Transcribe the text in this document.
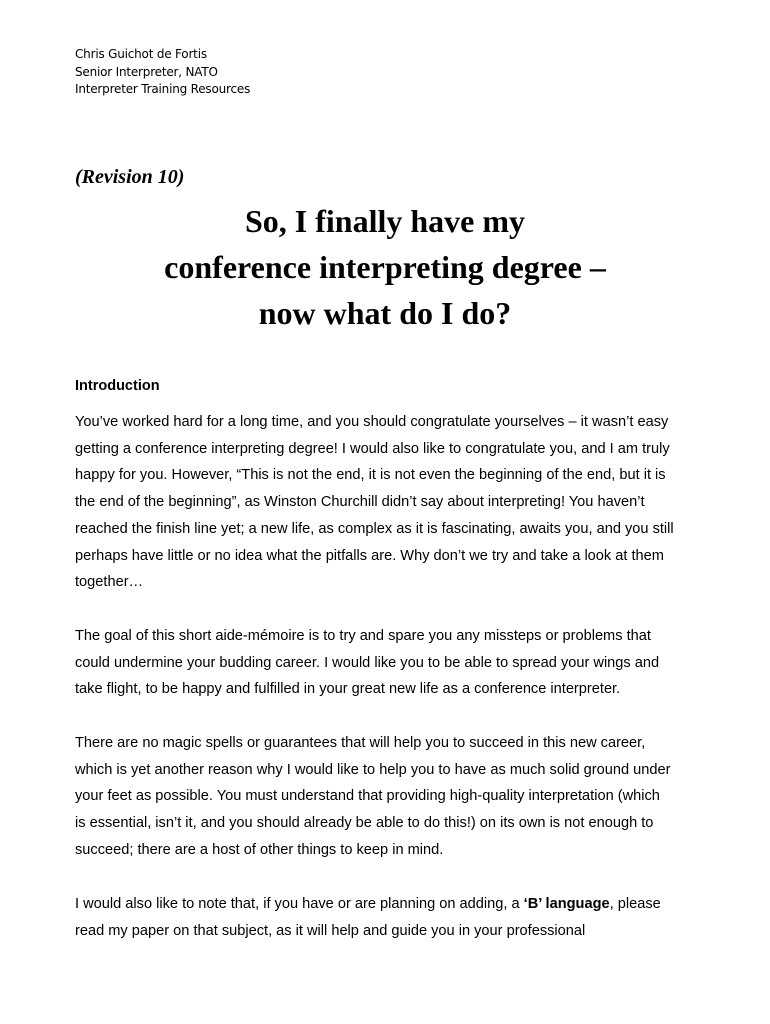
Chris Guichot de Fortis
Senior Interpreter, NATO
Interpreter Training Resources
(Revision 10)
So, I finally have my
conference interpreting degree –
now what do I do?
Introduction
You’ve worked hard for a long time, and you should congratulate yourselves – it wasn’t easy
getting a conference interpreting degree! I would also like to congratulate you, and I am truly
happy for you. However, “This is not the end, it is not even the beginning of the end, but it is
the end of the beginning”, as Winston Churchill didn’t say about interpreting! You haven’t
reached the finish line yet; a new life, as complex as it is fascinating, awaits you, and you still
perhaps have little or no idea what the pitfalls are. Why don’t we try and take a look at them
together…
The goal of this short aide-mémoire is to try and spare you any missteps or problems that
could undermine your budding career. I would like you to be able to spread your wings and
take flight, to be happy and fulfilled in your great new life as a conference interpreter.
There are no magic spells or guarantees that will help you to succeed in this new career,
which is yet another reason why I would like to help you to have as much solid ground under
your feet as possible. You must understand that providing high-quality interpretation (which
is essential, isn’t it, and you should already be able to do this!) on its own is not enough to
succeed; there are a host of other things to keep in mind.
I would also like to note that, if you have or are planning on adding, a ‘B’ language, please
read my paper on that subject, as it will help and guide you in your professional
